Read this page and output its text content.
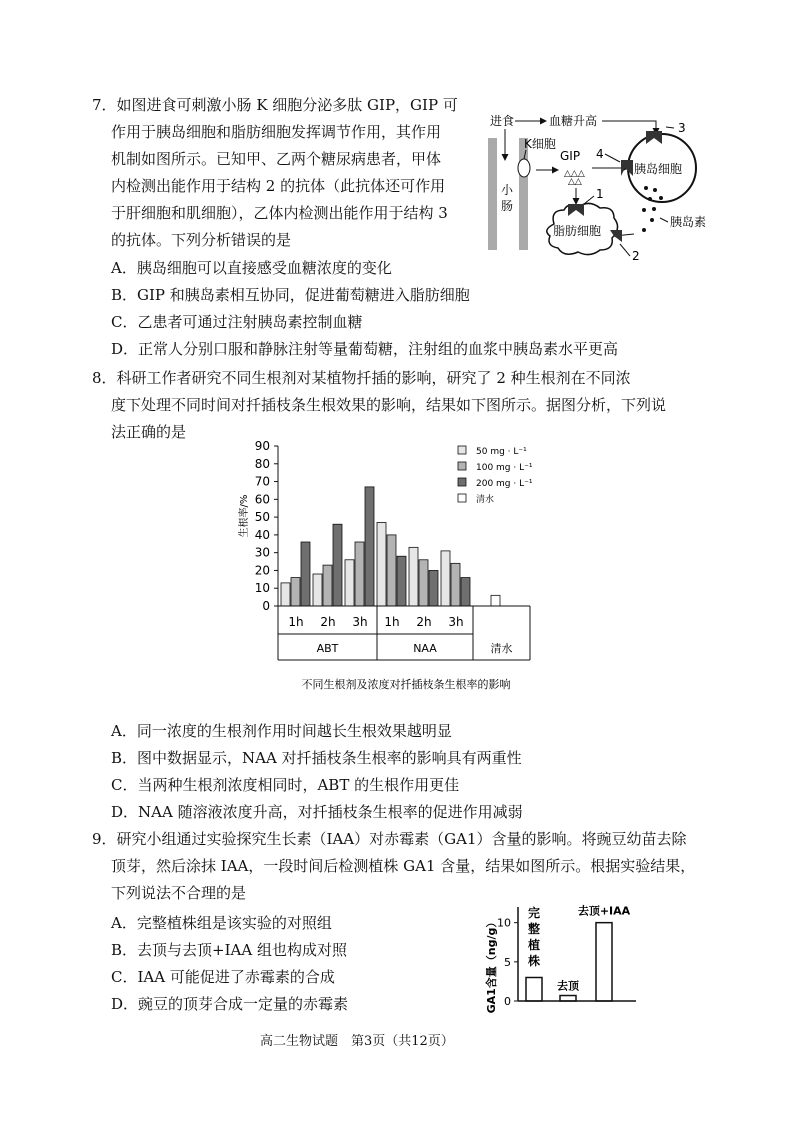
7．如图进食可刺激小肠 K 细胞分泌多肽 GIP，GIP 可
作用于胰岛细胞和脂肪细胞发挥调节作用，其作用
机制如图所示。已知甲、乙两个糖尿病患者，甲体
内检测出能作用于结构 2 的抗体（此抗体还可作用
于肝细胞和肌细胞），乙体内检测出能作用于结构 3
的抗体。下列分析错误的是
小
肠
K细胞
进食	血糖升高
GIP
△△△
△△
胰岛细胞
3
4
胰岛素
脂肪细胞
1
2
A．胰岛细胞可以直接感受血糖浓度的变化
B．GIP 和胰岛素相互协同，促进葡萄糖进入脂肪细胞
C．乙患者可通过注射胰岛素控制血糖
D．正常人分别口服和静脉注射等量葡萄糖，注射组的血浆中胰岛素水平更高
8．科研工作者研究不同生根剂对某植物扦插的影响，研究了 2 种生根剂在不同浓
度下处理不同时间对扦插枝条生根效果的影响，结果如下图所示。据图分析，下列说
法正确的是
生根率/%
0
10
20
30
40
50
60
70
80
90
1h 2h 3h 1h 2h 3h
ABT	NAA	清水
50 mg · L⁻¹
100 mg · L⁻¹
200 mg · L⁻¹
清水
不同生根剂及浓度对扦插枝条生根率的影响
A．同一浓度的生根剂作用时间越长生根效果越明显
B．图中数据显示，NAA 对扦插枝条生根率的影响具有两重性
C．当两种生根剂浓度相同时，ABT 的生根作用更佳
D．NAA 随溶液浓度升高，对扦插枝条生根率的促进作用减弱
9．研究小组通过实验探究生长素（IAA）对赤霉素（GA1）含量的影响。将豌豆幼苗去除
顶芽，然后涂抹 IAA，一段时间后检测植株 GA1 含量，结果如图所示。根据实验结果，
下列说法不合理的是
A．完整植株组是该实验的对照组
B．去顶与去顶+IAA 组也构成对照
C．IAA 可能促进了赤霉素的合成
D．豌豆的顶芽合成一定量的赤霉素	GA1含量（ng/g） 0
5
10
完
整
植
株
去顶
去顶+IAA
高二生物试题　第3页（共12页）
